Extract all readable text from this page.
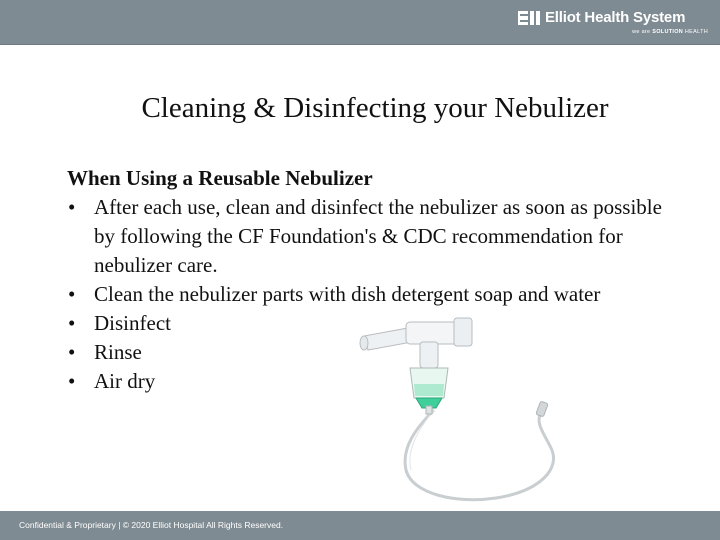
Elliot Health System
we are SOLUTION HEALTH
Cleaning & Disinfecting your Nebulizer
When Using a Reusable Nebulizer
• After each use, clean and disinfect the nebulizer as soon as possible by following the CF Foundation's & CDC recommendation for nebulizer care.
• Clean the nebulizer parts with dish detergent soap and water
• Disinfect
• Rinse
• Air dry
Confidential & Proprietary | © 2020 Elliot Hospital All Rights Reserved.
